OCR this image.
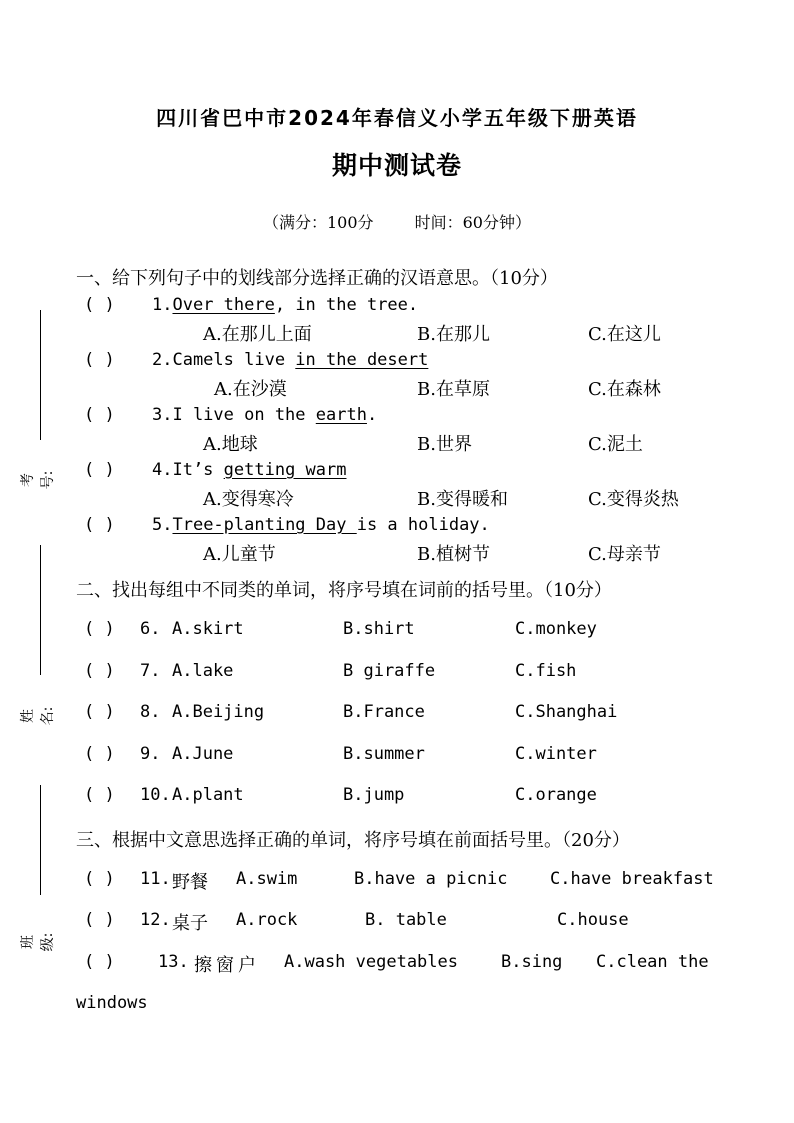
四川省巴中市2024年春信义小学五年级下册英语
期中测试卷
（满分：100分	时间：60分钟）
考号:
姓名:
班级:
一、给下列句子中的划线部分选择正确的汉语意思。（10分）
( ) 1.Over there, in the tree.
A.在那儿上面	B.在那儿	C.在这儿
( ) 2.Camels live in the desert
A.在沙漠	B.在草原	C.在森林
( ) 3.I live on the earth.
A.地球	B.世界	C.泥土
( ) 4.It’s getting warm
A.变得寒冷	B.变得暖和	C.变得炎热
( ) 5.Tree-planting Day is a holiday.
A.儿童节	B.植树节	C.母亲节
二、找出每组中不同类的单词，将序号填在词前的括号里。（10分）
( ) 6. A.skirt	B.shirt	C.monkey
( ) 7. A.lake	B giraffe	C.fish
( ) 8. A.Beijing	B.France	C.Shanghai
( ) 9. A.June	B.summer	C.winter
( ) 10. A.plant	B.jump	C.orange
三、根据中文意思选择正确的单词，将序号填在前面括号里。（20分）
( ) 11. 野餐 A.swim	B.have a picnic C.have breakfast
( ) 12. 桌子 A.rock	B. table	C.house
( )	13. 擦窗户 A.wash vegetables	B.sing C.clean the
windows
